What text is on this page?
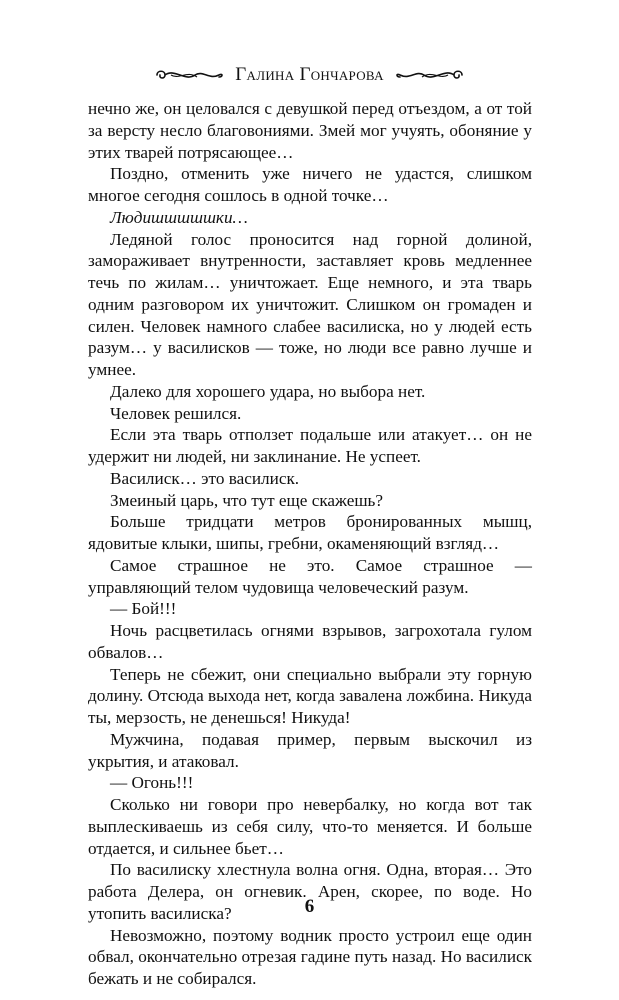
Галина Гончарова

нечно же, он целовался с девушкой перед отъездом, а от той за версту несло благовониями. Змей мог учуять, обоняние у этих тварей потрясающее…

Поздно, отменить уже ничего не удастся, слишком многое сегодня сошлось в одной точке…

Людишшшшшки…

Ледяной голос проносится над горной долиной, замораживает внутренности, заставляет кровь медленнее течь по жилам… уничтожает. Еще немного, и эта тварь одним разговором их уничтожит. Слишком он громаден и силен. Человек намного слабее василиска, но у людей есть разум… у василисков — тоже, но люди все равно лучше и умнее.

Далеко для хорошего удара, но выбора нет.

Человек решился.

Если эта тварь отползет подальше или атакует… он не удержит ни людей, ни заклинание. Не успеет.

Василиск… это василиск.

Змеиный царь, что тут еще скажешь?

Больше тридцати метров бронированных мышц, ядовитые клыки, шипы, гребни, окаменяющий взгляд…

Самое страшное не это. Самое страшное — управляющий телом чудовища человеческий разум.

— Бой!!!

Ночь расцветилась огнями взрывов, загрохотала гулом обвалов…

Теперь не сбежит, они специально выбрали эту горную долину. Отсюда выхода нет, когда завалена ложбина. Никуда ты, мерзость, не денешься! Никуда!

Мужчина, подавая пример, первым выскочил из укрытия, и атаковал.

— Огонь!!!

Сколько ни говори про невербалку, но когда вот так выплескиваешь из себя силу, что-то меняется. И больше отдается, и сильнее бьет…

По василиску хлестнула волна огня. Одна, вторая… Это работа Делера, он огневик. Арен, скорее, по воде. Но утопить василиска?

Невозможно, поэтому водник просто устроил еще один обвал, окончательно отрезая гадине путь назад. Но василиск бежать и не собирался.

6
